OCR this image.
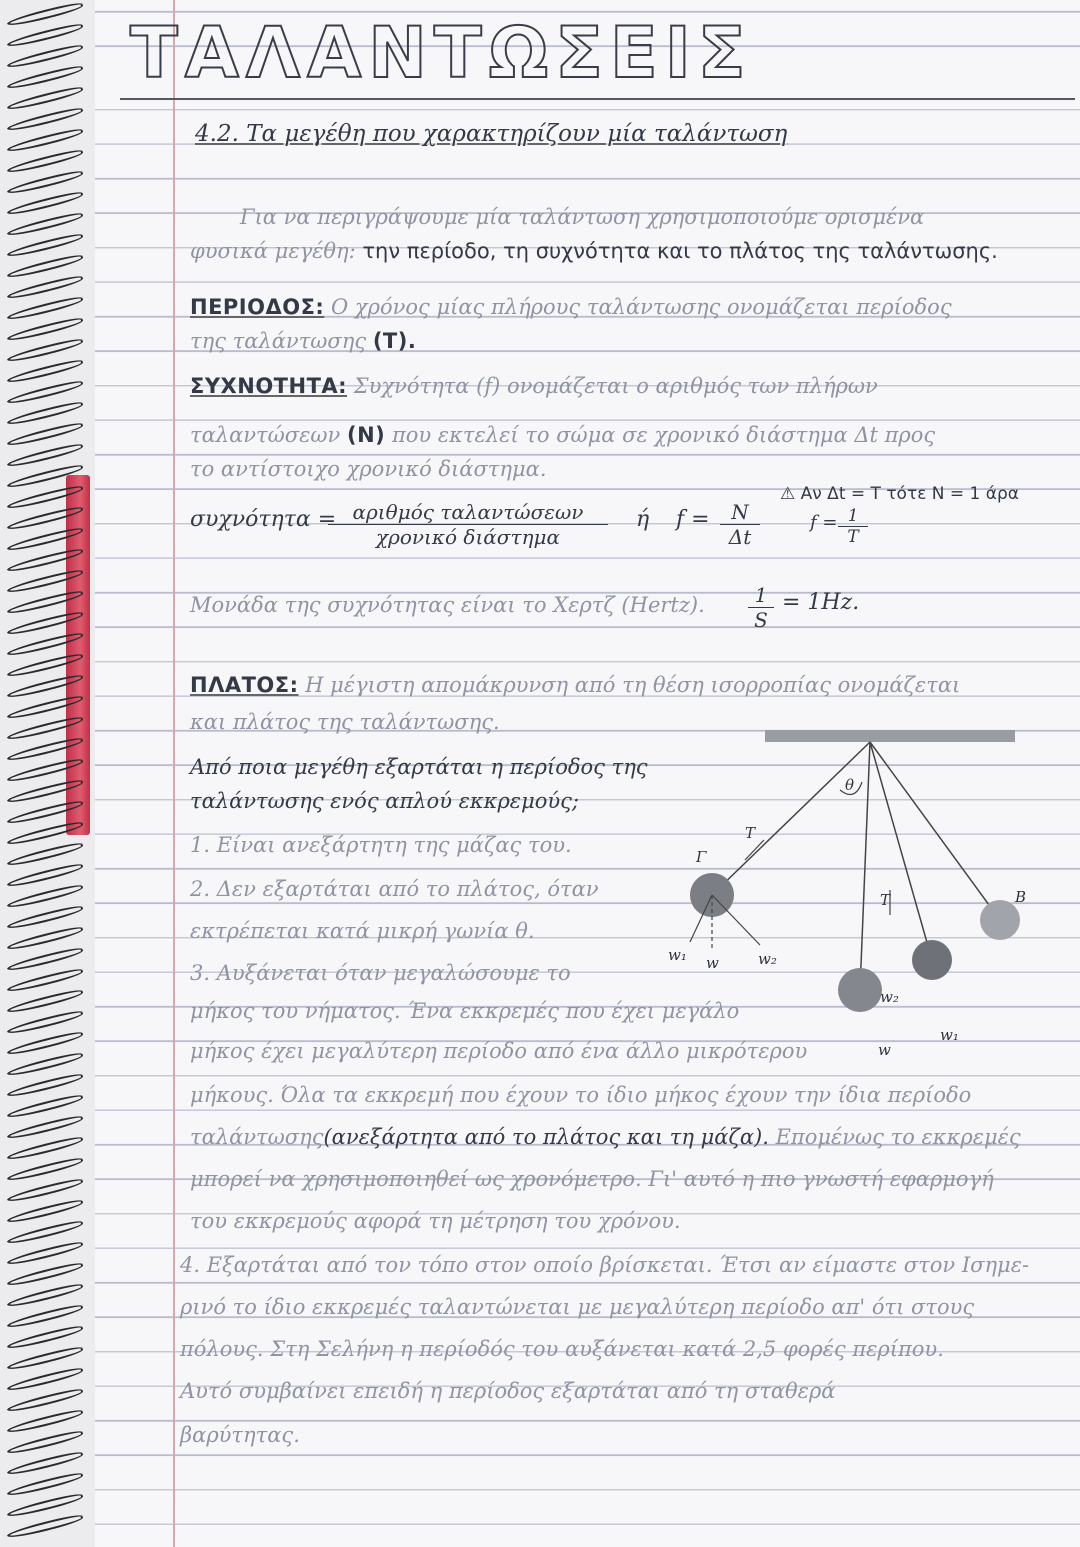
ΤΑΛΑΝΤΩΣΕΙΣ
4.2. Τα μεγέθη που χαρακτηρίζουν μία ταλάντωση
Για να περιγράψουμε μία ταλάντωση χρησιμοποιούμε ορισμένα
φυσικά μεγέθη: την περίοδο, τη συχνότητα και το πλάτος της ταλάντωσης.
ΠΕΡΙΟΔΟΣ: Ο χρόνος μίας πλήρους ταλάντωσης ονομάζεται περίοδος
της ταλάντωσης (T).
ΣΥΧΝΟΤΗΤΑ: Συχνότητα (f) ονομάζεται ο αριθμός των πλήρων
ταλαντώσεων (N) που εκτελεί το σώμα σε χρονικό διάστημα Δt προς
το αντίστοιχο χρονικό διάστημα.
συχνότητα = αριθμός ταλαντώσεων
χρονικό διάστημα
ή $f = \frac{N}{\Delta t}$
⚠ Αν Δt = T τότε N = 1 άρα
$f = \frac{1}{T}$
Μονάδα της συχνότητας είναι το Χερτζ (Hertz). $\frac{1}{S} = 1Hz$.
ΠΛΑΤΟΣ: Η μέγιστη απομάκρυνση από τη θέση ισορροπίας ονομάζεται
και πλάτος της ταλάντωσης.
Από ποια μεγέθη εξαρτάται η περίοδος της
ταλάντωσης ενός απλού εκκρεμούς;
1. Είναι ανεξάρτητη της μάζας του.
2. Δεν εξαρτάται από το πλάτος, όταν
εκτρέπεται κατά μικρή γωνία θ.
3. Αυξάνεται όταν μεγαλώσουμε το
μήκος του νήματος. Ένα εκκρεμές που έχει μεγάλο
μήκος έχει μεγαλύτερη περίοδο από ένα άλλο μικρότερου
μήκους. Όλα τα εκκρεμή που έχουν το ίδιο μήκος έχουν την ίδια περίοδο
ταλάντωσης(ανεξάρτητα από το πλάτος και τη μάζα). Επομένως το εκκρεμές
μπορεί να χρησιμοποιηθεί ως χρονόμετρο. Γι' αυτό η πιο γνωστή εφαρμογή
του εκκρεμούς αφορά τη μέτρηση του χρόνου.
4. Εξαρτάται από τον τόπο στον οποίο βρίσκεται. Έτσι αν είμαστε στον Ισημε-
ρινό το ίδιο εκκρεμές ταλαντώνεται με μεγαλύτερη περίοδο απ' ότι στους
πόλους. Στη Σελήνη η περίοδός του αυξάνεται κατά 2,5 φορές περίπου.
Αυτό συμβαίνει επειδή η περίοδος εξαρτάται από τη σταθερά
βαρύτητας.
θ
T
Γ
B
w₁ w	w₂
T
w₂
w₁
w
